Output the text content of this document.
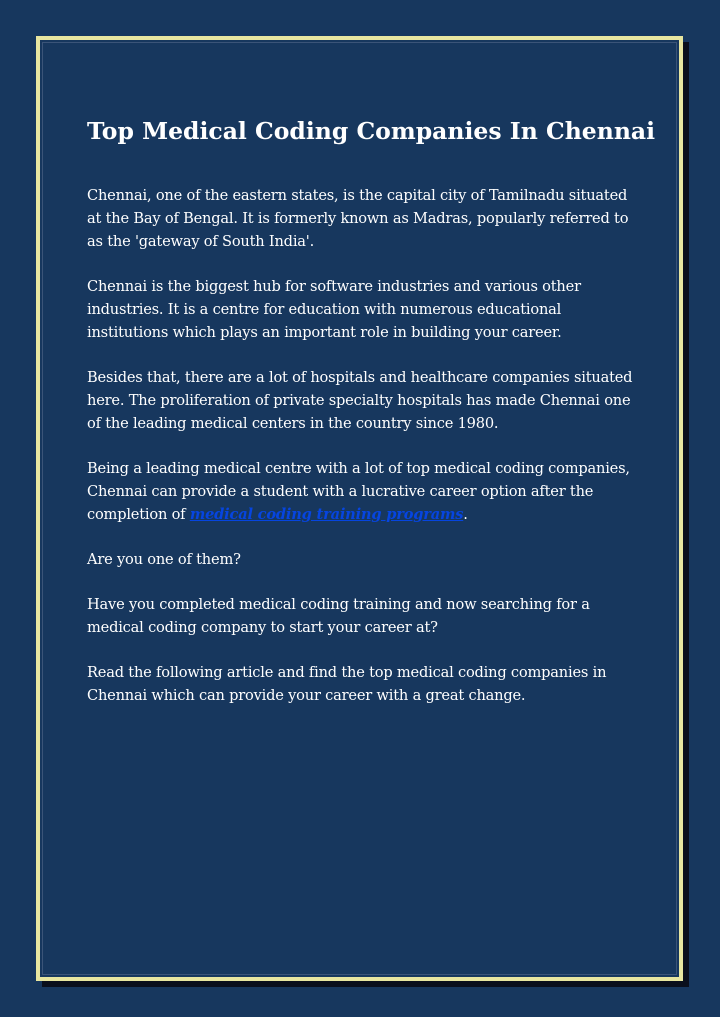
Top Medical Coding Companies In Chennai

Chennai, one of the eastern states, is the capital city of Tamilnadu situated at the Bay of Bengal. It is formerly known as Madras, popularly referred to as the 'gateway of South India'.

Chennai is the biggest hub for software industries and various other industries. It is a centre for education with numerous educational institutions which plays an important role in building your career.

Besides that, there are a lot of hospitals and healthcare companies situated here. The proliferation of private specialty hospitals has made Chennai one of the leading medical centers in the country since 1980.

Being a leading medical centre with a lot of top medical coding companies, Chennai can provide a student with a lucrative career option after the completion of medical coding training programs.

Are you one of them?

Have you completed medical coding training and now searching for a medical coding company to start your career at?

Read the following article and find the top medical coding companies in Chennai which can provide your career with a great change.
